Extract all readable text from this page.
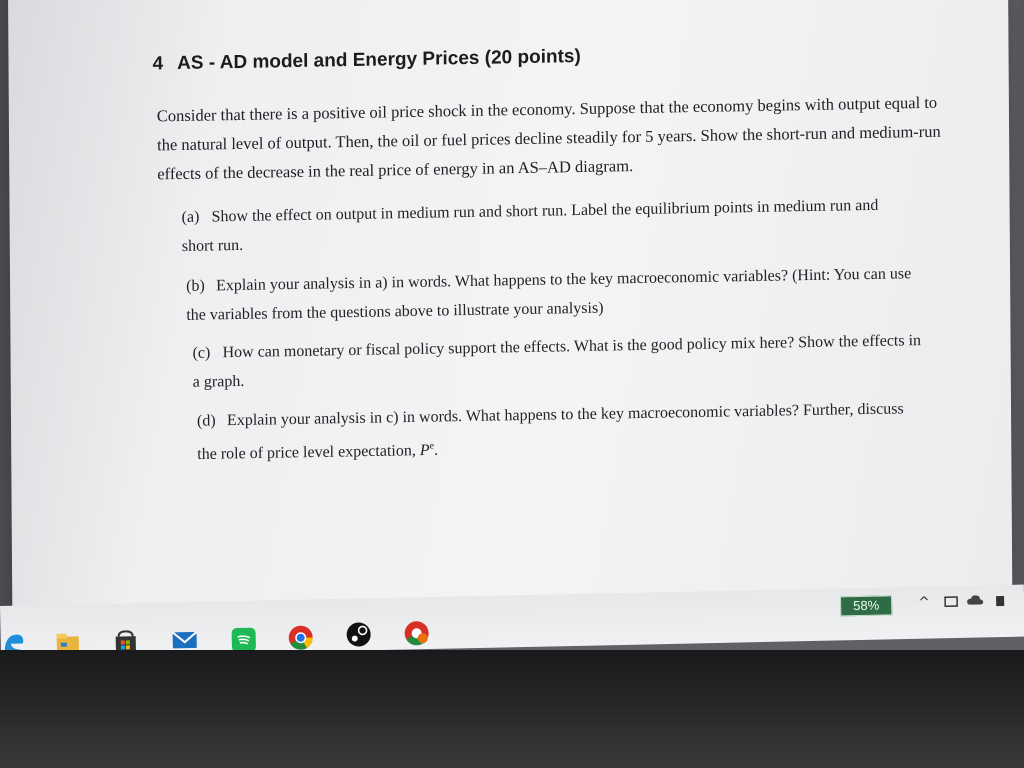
4 AS - AD model and Energy Prices (20 points)
Consider that there is a positive oil price shock in the economy. Suppose that the economy begins with output equal to the natural level of output. Then, the oil or fuel prices decline steadily for 5 years. Show the short-run and medium-run effects of the decrease in the real price of energy in an AS–AD diagram.
(a) Show the effect on output in medium run and short run. Label the equilibrium points in medium run and short run.
(b) Explain your analysis in a) in words. What happens to the key macroeconomic variables? (Hint: You can use the variables from the questions above to illustrate your analysis)
(c) How can monetary or fiscal policy support the effects. What is the good policy mix here? Show the effects in a graph.
(d) Explain your analysis in c) in words. What happens to the key macroeconomic variables? Further, discuss the role of price level expectation, $P^e$.
58%	^
